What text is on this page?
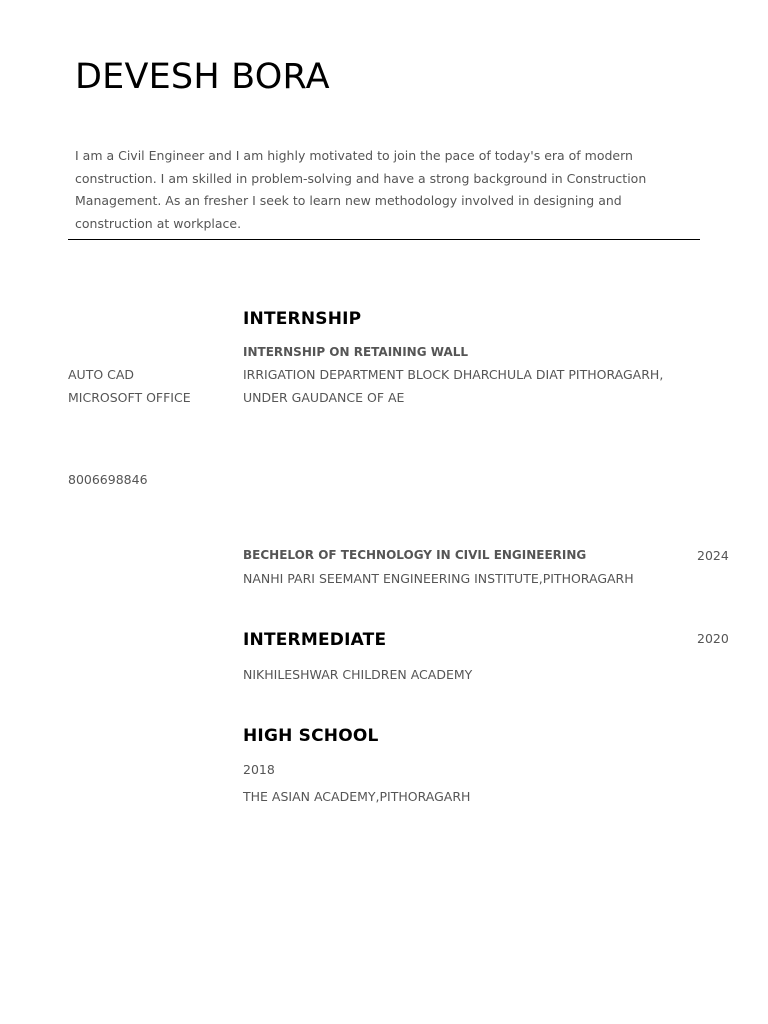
DEVESH BORA
I am a Civil Engineer and I am highly motivated to join the pace of today's era of modern construction. I am skilled in problem-solving and have a strong background in Construction Management. As an fresher I seek to learn new methodology involved in designing and construction at workplace.
INTERNSHIP
INTERNSHIP ON RETAINING WALL
IRRIGATION DEPARTMENT BLOCK DHARCHULA DIAT PITHORAGARH,
UNDER GAUDANCE OF AE
AUTO CAD
MICROSOFT OFFICE
8006698846
BECHELOR OF TECHNOLOGY IN CIVIL ENGINEERING	2024
NANHI PARI SEEMANT ENGINEERING INSTITUTE,PITHORAGARH
INTERMEDIATE	2020
NIKHILESHWAR CHILDREN ACADEMY
HIGH SCHOOL
2018
THE ASIAN ACADEMY,PITHORAGARH
